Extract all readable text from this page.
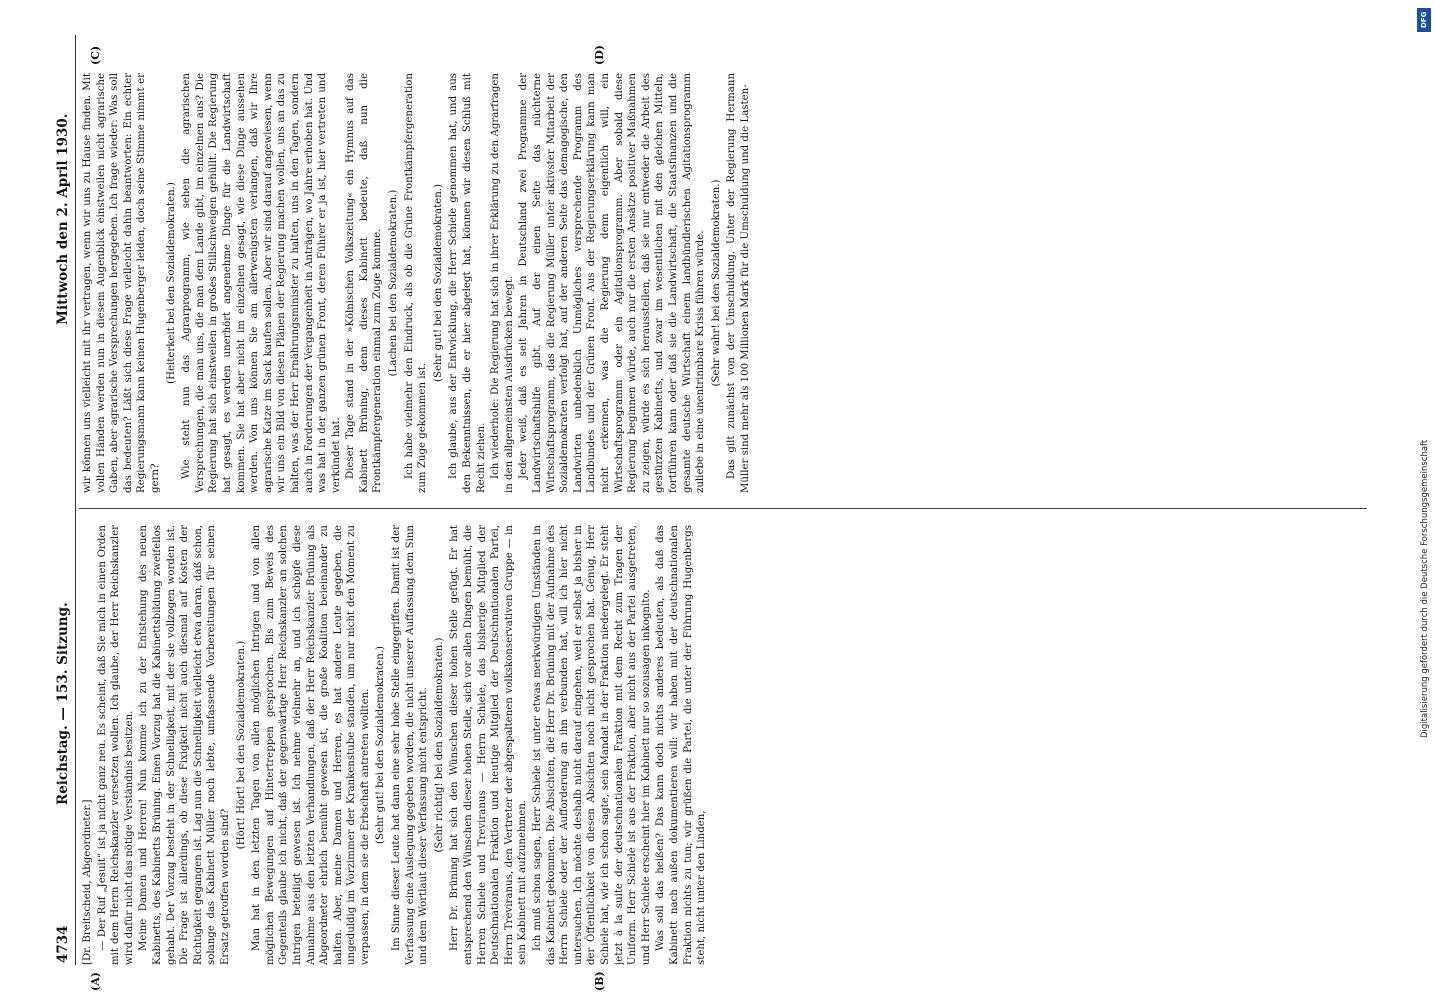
4734
Reichstag. — 153. Sitzung.
Mittwoch den 2. April 1930.
(A)	(B)
(C)	(D)

[Dr. Breitscheid, Abgeordneter.] — Der Ruf „Jesuit“ ist ja nicht ganz neu. Es scheint, daß Sie mich in einen Orden mit dem Herrn Reichskanzler versetzen wollen. Ich glaube, der Herr Reichskanzler wird dafür nicht das nötige Verständnis besitzen. Meine Damen und Herren! Nun komme ich zu der Entstehung des neuen Kabinetts, des Kabinetts Brüning. Einen Vorzug hat die Kabinettsbildung zweifellos gehabt. Der Vorzug besteht in der Schnelligkeit, mit der sie vollzogen worden ist. Die Frage ist allerdings, ob diese Fixigkeit nicht auch diesmal auf Kosten der Richtigkeit gegangen ist. Lag nun die Schnelligkeit vielleicht etwa daran, daß schon, solange das Kabinett Müller noch lebte, umfassende Vorbereitungen für seinen Ersatz getroffen worden sind?

(Hört! Hört! bei den Sozialdemokraten.) Man hat in den letzten Tagen von allen möglichen Intrigen und von allen möglichen Bewegungen auf Hintertreppen gesprochen. Bis zum Beweis des Gegenteils glaube ich nicht, daß der gegenwärtige Herr Reichskanzler an solchen Intrigen beteiligt gewesen ist. Ich nehme vielmehr an, und ich schöpfe diese Annahme aus den letzten Verhandlungen, daß der Herr Reichskanzler Brüning als Abgeordneter ehrlich bemüht gewesen ist, die große Koalition beieinander zu halten. Aber, meine Damen und Herren, es hat andere Leute gegeben, die ungeduldig im Vorzimmer der Krankenstube standen, um nur nicht den Moment zu verpassen, in dem sie die Erbschaft antreten wollten. (Sehr gut! bei den Sozialdemokraten.) Im Sinne dieser Leute hat dann eine sehr hohe Stelle eingegriffen. Damit ist der Verfassung eine Auslegung gegeben worden, die nicht unserer Auffassung dem Sinn und dem Wortlaut dieser Verfassung nicht entspricht. (Sehr richtig! bei den Sozialdemokraten.) Herr Dr. Brüning hat sich den Wünschen dieser hohen Stelle gefügt. Er hat entsprechend den Wünschen dieser hohen Stelle, sich vor allen Dingen bemüht, die Herren Schiele und Treviranus — Herrn Schiele, das bisherige Mitglied der Deutschnationalen Fraktion und heutige Mitglied der Deutschnationalen Partei, Herrn Treviranus, den Vertreter der abgespaltenen volkskonservativen Gruppe — in sein Kabinett mit aufzunehmen. Ich muß schon sagen, Herr Schiele ist unter etwas merkwürdigen Umständen in das Kabinett gekommen. Die Absichten, die Herr Dr. Brüning mit der Aufnahme des Herrn Schiele oder der Aufforderung an ihn verbunden hat, will ich hier nicht untersuchen. Ich möchte deshalb nicht darauf eingehen, weil er selbst ja bisher in der Öffentlichkeit von diesen Absichten noch nicht gesprochen hat. Genug, Herr Schiele hat, wie ich schon sagte, sein Mandat in der Fraktion niedergelegt. Er steht jetzt à la suite der deutschnationalen Fraktion mit dem Recht zum Tragen der Uniform. Herr Schiele ist aus der Fraktion, aber nicht aus der Partei ausgetreten, und Herr Schiele erscheint hier im Kabinett nur so sozusagen inkognito. Was soll das heißen? Das kann doch nichts anderes bedeuten, als daß das Kabinett nach außen dokumentieren will: wir haben mit der deutschnationalen Fraktion nichts zu tun; wir grüßen die Partei, die unter der Führung Hugenbergs steht, nicht unter den Linden,

wir können uns vielleicht mit ihr vertragen, wenn wir uns zu Hause finden. Mit vollen Händen werden nun in diesem Augenblick einstweilen nicht agrarische Gaben, aber agrarische Versprechungen hergegeben. Ich frage wieder: Was soll das bedeuten? Läßt sich diese Frage vielleicht dahin beantworten: Ein echter Regierungsmann kann keinen Hugenberger leiden, doch seine Stimme nimmt er gern?

(Heiterkeit bei den Sozialdemokraten.) Wie steht nun das Agrarprogramm, wie sehen die agrarischen Versprechungen, die man uns, die man dem Lande gibt, im einzelnen aus? Die Regierung hat sich einstweilen in großes Stillschweigen gehüllt. Die Regierung hat gesagt, es werden unerhört angenehme Dinge für die Landwirtschaft kommen. Sie hat aber nicht im einzelnen gesagt, wie diese Dinge aussehen werden. Von uns können Sie am allerwenigsten verlangen, daß wir Ihre agrarische Katze im Sack kaufen sollen. Aber wir sind darauf angewiesen, wenn wir uns ein Bild von diesen Plänen der Regierung machen wollen, uns an das zu halten, was der Herr Ernährungsminister zu halten, uns in den Tagen, sondern auch in Forderungen der Vergangenheit in Anträgen, wo Jahre erhoben hat. Und was hat in der ganzen grünen Front, deren Führer er ja ist, hier vertreten und verkündet hat. Dieser Tage stand in der »Kölnischen Volkszeitung« ein Hymnus auf das Kabinett Brüning, denn dieses Kabinett bedeute, daß nun die Frontkämpfergeneration einmal zum Zuge komme. (Lachen bei den Sozialdemokraten.) Ich habe vielmehr den Eindruck, als ob die Grüne Frontkämpfergeneration zum Zuge gekommen ist.

(Sehr gut! bei den Sozialdemokraten.) Ich glaube, aus der Entwicklung, die Herr Schiele genommen hat, und aus den Bekenntnissen, die er hier abgelegt hat, können wir diesen Schluß mit Recht ziehen. Ich wiederhole: Die Regierung hat sich in ihrer Erklärung zu den Agrarfragen in den allgemeinsten Ausdrücken bewegt. Jeder weiß, daß es seit Jahren in Deutschland zwei Programme der Landwirtschaftshilfe gibt. Auf der einen Seite das nüchterne Wirtschaftsprogramm, das die Regierung Müller unter aktivster Mitarbeit der Sozialdemokraten verfolgt hat, auf der anderen Seite das demagogische, den Landwirten unbedenklich Unmögliches versprechende Programm des Landbundes und der Grünen Front. Aus der Regierungserklärung kann man nicht erkennen, was die Regierung denn eigentlich will, ein Wirtschaftsprogramm oder ein Agitationsprogramm. Aber sobald diese Regierung beginnen würde, auch nur die ersten Ansätze positiver Maßnahmen zu zeigen, würde es sich herausstellen, daß sie nur entweder die Arbeit des gestürzten Kabinetts, und zwar im wesentlichen mit den gleichen Mitteln, fortführen kann oder daß sie die Landwirtschaft, die Staatsfinanzen und die gesamte deutsche Wirtschaft einem landbündlerischen Agitationsprogramm zuliebe in eine unentrinnbare Krisis führen würde. (Sehr wahr! bei den Sozialdemokraten.) Das gilt zunächst von der Umschuldung. Unter der Regierung Hermann Müller sind mehr als 100 Millionen Mark für die Umschuldung und die Lasten-

DFG
Digitalisierung gefördert durch die Deutsche Forschungsgemeinschaft
